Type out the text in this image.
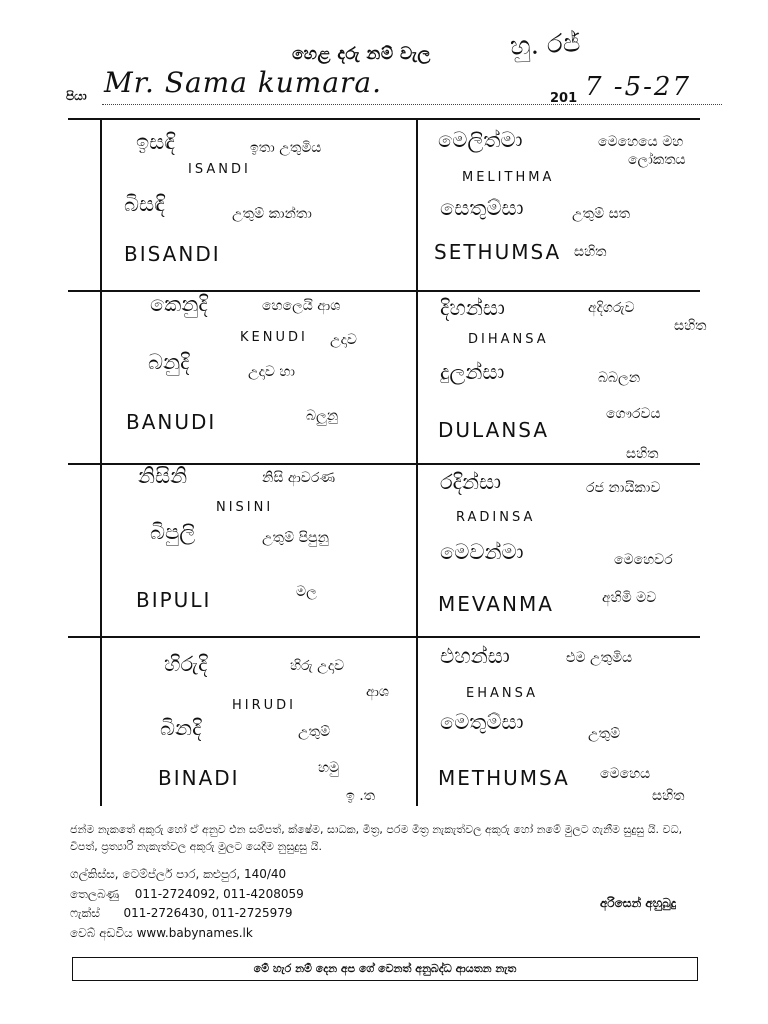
හෙළ දරු නම් වැල	හු. රජ්
පියා Mr. Sama kumara.	201 7 -5-27
ඉසඳි	ඉතා උතුමිය
ISANDI
බිසඳි	උතුම් කාන්තා
BISANDI
මෙලිත්මා	මෙහෙයෙ මහ
ලෝකතය
MELITHMA
සෙතුම්සා	උතුම් සත
SETHUMSA සහිත
කෙනුදි	හෙලෙයි ආශ
KENUDI උදාව
බනුදි	උදාව හා
BANUDI	බලුනු
දිහන්සා	අදිගරුව
සහිත
DIHANSA
දුලන්සා	බබලන
DULANSA
ගෞරවය
සහිත
නිසිනි	නිසි ආවරණ
NISINI
බිපුලි	උතුම් පිපුනු
BIPULI	මල
රදින්සා	රජ නායිකාව
RADINSA
මෙවන්මා	මෙහෙවර
MEVANMA	අහිමි මව
හිරුදි	හිරු උදාව
ආශ
HIRUDI
බිනදි	උතුම්
BINADI	හමු
ඉ .ත
එහන්සා	එම උතුමිය
EHANSA
මෙතුම්සා	උතුම්
METHUMSA මෙහෙය
සහිත
ජන්ම නැකතේ අකුරු හෝ ඒ අනුව එන සම්පත්, ක්ෂේම, සාධක, මිත්‍ර, පරම මිත්‍ර නැකැත්වල අකුරු හෝ නමේ මුලට ගැනීම සුදුසු යි. වධ, විපත්, ප්‍රත්‍යාරි නැකැත්වල අකුරු මුලට යෙදීම නුසුදුසු යි.
ගල්කිස්ස, ටෙම්ප්ලර් පාර, කළුපුර, 140/40
තෙලබණු 011-2724092, 011-4208059
ෆැක්ස් 011-2726430, 011-2725979
වෙබ් අඩවිය www.babynames.lk
අරිසෙන් අහුබුදු
මේ හැර නම් දෙන අප ගේ වෙනත් අනුබද්ධ ආයතන නැත
